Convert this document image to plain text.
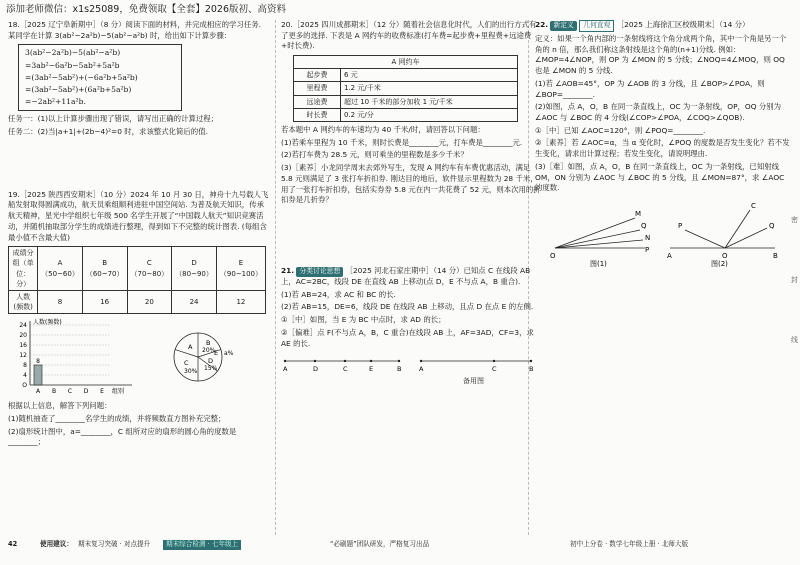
添加老师微信：x1s25089，免费领取【全套】2026版初、高资料

18.［2025 辽宁阜新期中］（8 分）阅读下面的材料，并完成相应的学习任务. 某同学在计算 3(ab²−2a²b)−5(ab²−a²b) 时，给出如下计算步骤：

3(ab²−2a²b)−5(ab²−a²b)
=3ab²−6a²b−5ab²+5a²b
=(3ab²−5ab²)+(−6a²b+5a²b)
=(3ab²−5ab²)+(6a²b+5a²b)
=−2ab²+11a²b.

任务一：(1)以上计算步骤出现了错误，请写出正确的计算过程；

任务二：(2)当|a+1|+(2b−4)²=0 时，求该整式化简后的值.

19.［2025 陕西西安期末］（10 分）2024 年 10 月 30 日，神舟十九号载人飞船发射取得圆满成功，航天员乘组顺利进驻中国空间站. 为普及航天知识，传承航天精神，星光中学组织七年级 500 名学生开展了“中国载人航天”知识竞赛活动，并随机抽取部分学生的成绩进行整理，得到如下不完整的统计图表. (每组含最小值不含最大值)

成绩分组（单位：分）	A（50~60）	B（60~70）	C（70~80）	D（80~90）	E（90~100）
人数(频数)	8	16	20	24	12
人数(频数)
24
20
16
12
8
4
O
A B C D E 组别
8
A B
C	D
E
20% a%
15%
30%

根据以上信息，解答下列问题：

(1)随机抽查了________名学生的成绩，并将频数直方图补充完整；

(2)扇形统计图中，a=________，C 组所对应的扇形的圆心角的度数是________；

20.［2025 四川成都期末］（12 分）随着社会信息化时代，人们的出行方式有了更多的选择. 下表是 A 网约车的收费标准(打车费=起步费+里程费+远途费+时长费).

A 网约车	
起步费	6 元
里程费	1.2 元/千米
远途费	超过 10 千米的部分加收 1 元/千米
时长费	0.2 元/分

若本题中 A 网约车的车速均为 40 千米/时，请回答以下问题：

(1)若乘车里程为 10 千米，则时长费是________元，打车费是________元.

(2)若打车费为 28.5 元，则可乘坐的里程数是多少千米？

(3)［素养］小龙同学周末去郊外写生，发现 A 网约车有车费优惠活动，满足 5.8 元则满足了 3 张打车折扣券. 刚达目的地后，软件显示里程数为 28 千米，用了一张打车折扣券，包括实券券 5.8 元在内一共花费了 52 元，则本次用的折扣券是几折券？

21. 分类讨论思想 ［2025 河北石家庄期中］（14 分）已知点 C 在线段 AB 上，AC=2BC，线段 DE 在直线 AB 上移动(点 D，E 不与点 A，B 重合).

(1)若 AB=24，求 AC 和 BC 的长.

(2)若 AB=15，DE=6，线段 DE 在线段 AB 上移动，且点 D 在点 E 的左侧.

①［中］如图，当 E 为 BC 中点时，求 AD 的长；

②［偏难］点 F(不与点 A，B，C 重合)在线段 AB 上，AF=3AD，CF=3，求 AE 的长.

A	D	C	E	B	A	C	B
备用图

22. 新定义 几何直观 ［2025 上海徐汇区校级期末］（14 分）

定义：如果一个角内部的一条射线将这个角分成两个角，其中一个角是另一个角的 n 倍，那么我们称这条射线是这个角的(n+1)分线. 例如：∠MOP=4∠NOP，则 OP 为 ∠MON 的 5 分线；∠NOQ=4∠MOQ，则 OQ 也是 ∠MON 的 5 分线.

(1)若 ∠AOB=45°，OP 为 ∠AOB 的 3 分线，且 ∠BOP>∠POA，则 ∠BOP=________.

(2)如图，点 A，O，B 在同一条直线上，OC 为一条射线，OP，OQ 分别为 ∠AOC 与 ∠BOC 的 4 分线(∠COP>∠POA，∠COQ>∠QOB).

①［中］已知 ∠AOC=120°，则 ∠POQ=________.

②［素养］若 ∠AOC=α，当 α 变化时，∠POQ 的度数是否发生变化？若不发生变化，请求出计算过程；若发生变化，请说明理由.

(3)［难］如图，点 A，O，B 在同一条直线上，OC 为一条射线，已知射线 OM，ON 分别为 ∠AOC 与 ∠BOC 的 5 分线，且 ∠MON=87°，求 ∠AOC 的度数.

M
Q
N
P
O
图(1)
C
Q
P
A	O	B
图(2)
密
封
线
42	使用建议： 期末复习突破 · 对点提升	期末综合检测 · 七年级上	“必刷题”团队研发，严格复习出品	初中上分卷 · 数学七年级上册 · 北师大版
